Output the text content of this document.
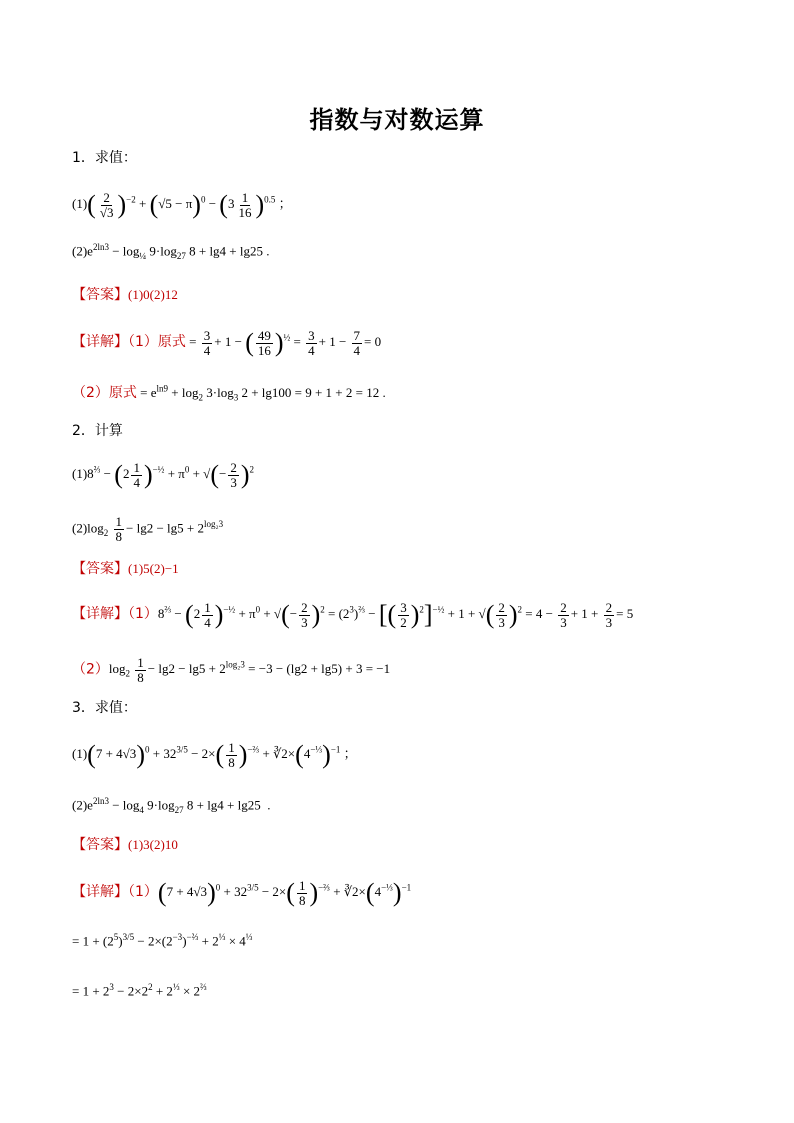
指数与对数运算
1．求值：
$(1)( \frac{2}{√3} )^{-2} + (√5 - \pi)^0 - (3 \frac{1}{16} )^{0.5}$ ；
$(2)e^{2ln3} - \log_{\frac{1}{4}} 9\cdot\log_{27}$ 8 + lg4 + lg25 .
【答案】(1)0(2)12
【详解】（1）原式 = $\frac{3}{4} + 1$ − ( $\frac{49}{16} )^{\frac{1}{2}} = \frac{3}{4} + 1 - \frac{7}{4} = 0$
（2）原式 = $e^{ln9} + \log_2 3\cdot\log_3$ 2 + lg100 = 9 + 1 + 2 = 12 .
2．计算
$(1)8^{\frac{2}{3}} - (2 \frac{1}{4} )^{-\frac{1}{2}} + \pi^0$ + √(− $\frac{2}{3} )^2$
$(2)\log_2 \frac{1}{8} - \lg 2 - \lg 5 + 2^{log_23}$
【答案】(1)5(2)−1
【详解】$(1)8^{\frac{2}{3}} - (2 \frac{1}{4} )^{-\frac{1}{2}} + \pi^0$ + √(− $\frac{2}{3} )^2 = (2^3)^{\frac{2}{3}}$ − [( $\frac{3}{2} )^2]^{-\frac{1}{2}} + 1$ + √( $\frac{2}{3} )^2 = 4 - \frac{2}{3} + 1 + \frac{2}{3} = 5$
$(2)\log_2 \frac{1}{8} - \lg 2 - \lg 5 + 2^{log_23} = -3 - (\lg 2 + \lg 5) + 3 = -1$
3．求值：
$(1)(7 + 4√3)^0 + 32^{3/5} - 2\times( \frac{1}{8} )^{-\frac{2}{3}}$ + $∛2\times(4^{-\frac{1}{3}})^{-1}$ ；
$(2)e^{2ln3} - \log_4 9\cdot\log_{27}$ 8 + lg4 + lg25  .
【答案】(1)3(2)10
【详解】$(1)(7 + 4√3)^0 + 32^{3/5} - 2\times( \frac{1}{8} )^{-\frac{2}{3}}$ + $∛2\times(4^{-\frac{1}{3}})^{-1}$
= $1 + (2^5)^{3/5} - 2\times(2^{-3})^{-\frac{2}{3}} + 2^{\frac{1}{3}} \times 4^{\frac{1}{3}}$
= $1 + 2^3 - 2\times 2^2 + 2^{\frac{1}{3}} \times 2^{\frac{2}{3}}$
